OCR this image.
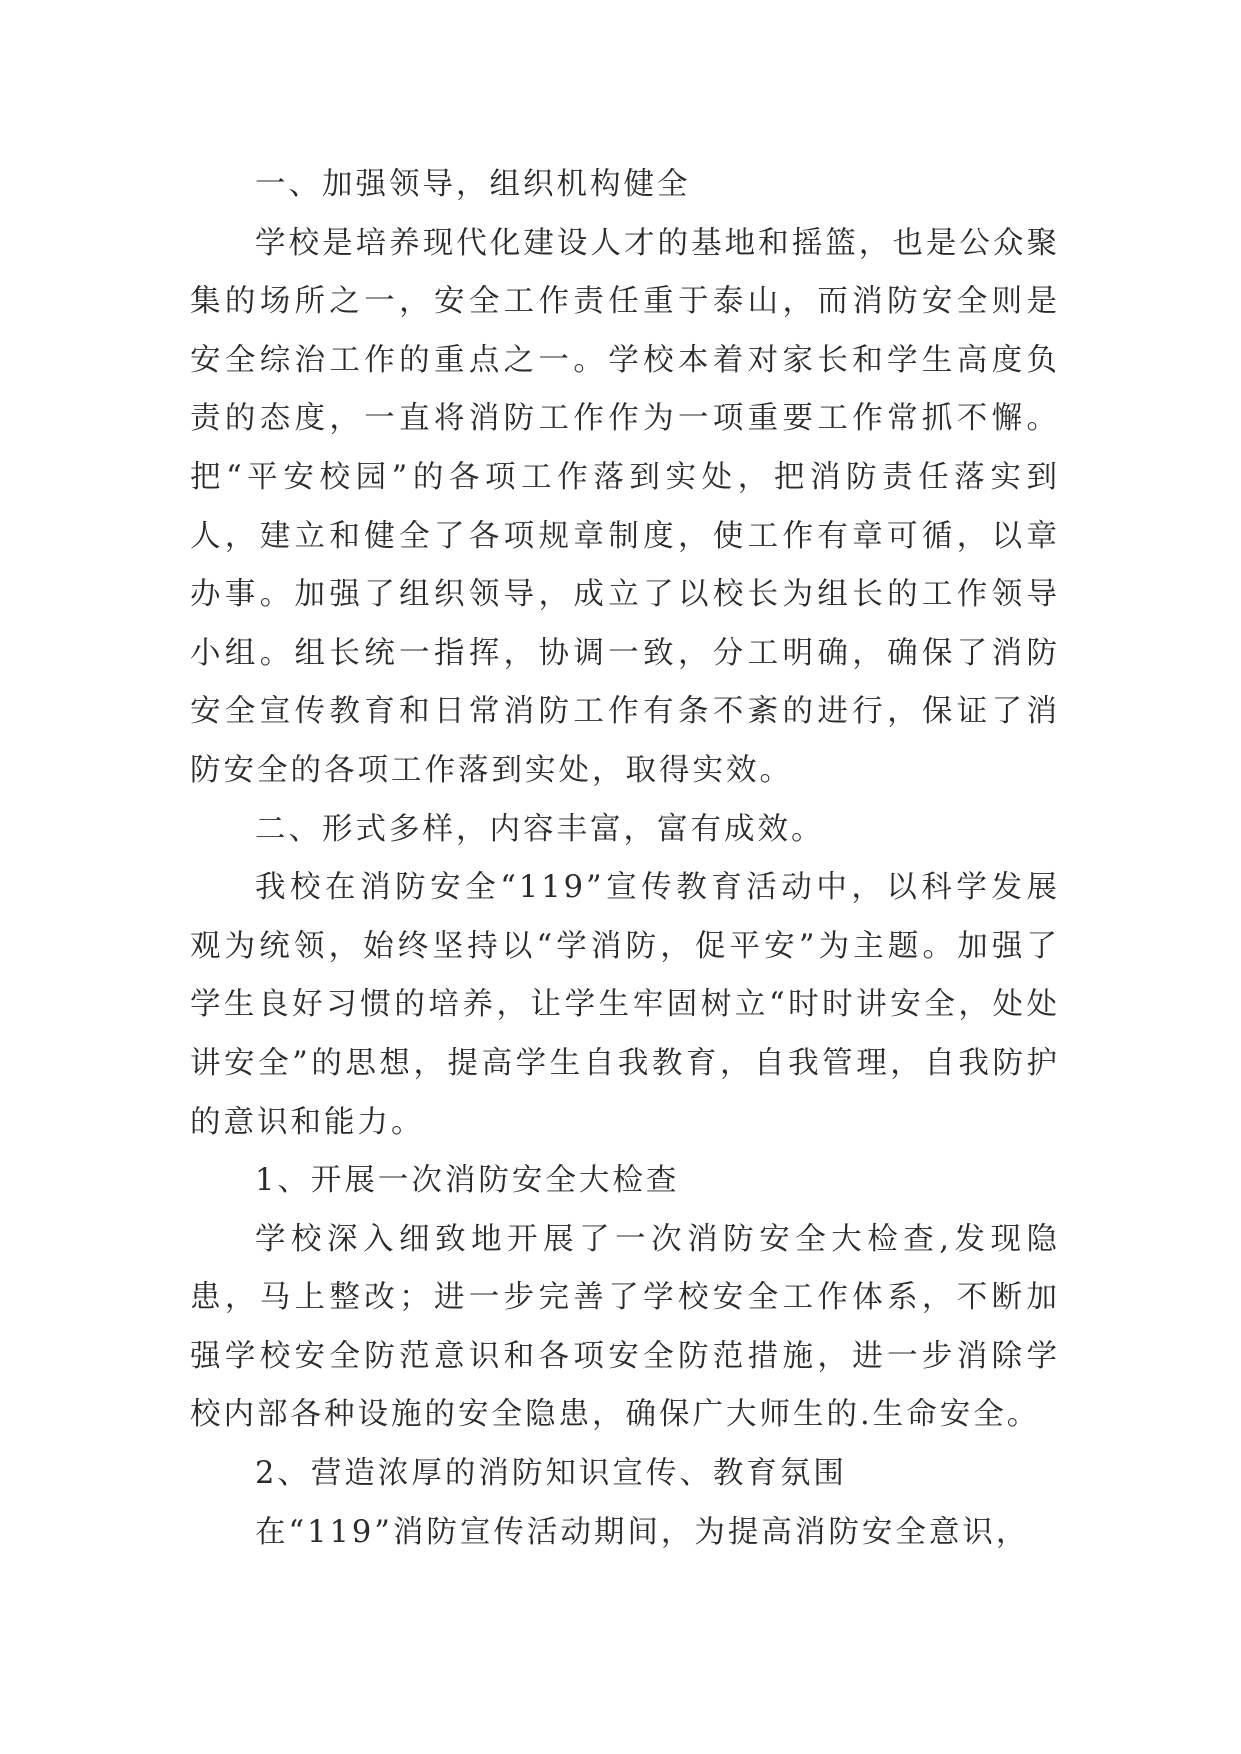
一、加强领导，组织机构健全

学校是培养现代化建设人才的基地和摇篮，也是公众聚集的场所之一，安全工作责任重于泰山，而消防安全则是安全综治工作的重点之一。学校本着对家长和学生高度负责的态度，一直将消防工作作为一项重要工作常抓不懈。把“平安校园”的各项工作落到实处，把消防责任落实到人，建立和健全了各项规章制度，使工作有章可循，以章办事。加强了组织领导，成立了以校长为组长的工作领导小组。组长统一指挥，协调一致，分工明确，确保了消防安全宣传教育和日常消防工作有条不紊的进行，保证了消防安全的各项工作落到实处，取得实效。

二、形式多样，内容丰富，富有成效。

我校在消防安全“119”宣传教育活动中，以科学发展观为统领，始终坚持以“学消防，促平安”为主题。加强了学生良好习惯的培养，让学生牢固树立“时时讲安全，处处讲安全”的思想，提高学生自我教育，自我管理，自我防护的意识和能力。

1、开展一次消防安全大检查

学校深入细致地开展了一次消防安全大检查,发现隐患，马上整改；进一步完善了学校安全工作体系，不断加强学校安全防范意识和各项安全防范措施，进一步消除学校内部各种设施的安全隐患，确保广大师生的.生命安全。

2、营造浓厚的消防知识宣传、教育氛围

在“119”消防宣传活动期间，为提高消防安全意识，
